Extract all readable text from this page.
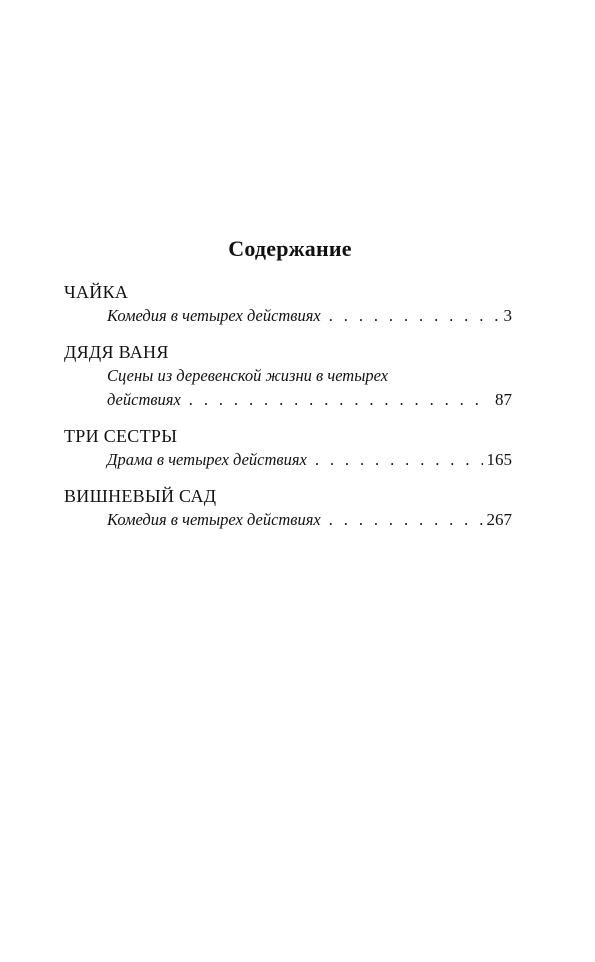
Содержание
ЧАЙКА
Комедия в четырех действиях . . .	3
ДЯДЯ ВАНЯ
Сцены из деревенской жизни в четырех
действиях . . .	87
ТРИ СЕСТРЫ
Драма в четырех действиях . . .	165
ВИШНЕВЫЙ САД
Комедия в четырех действиях . . .	267
